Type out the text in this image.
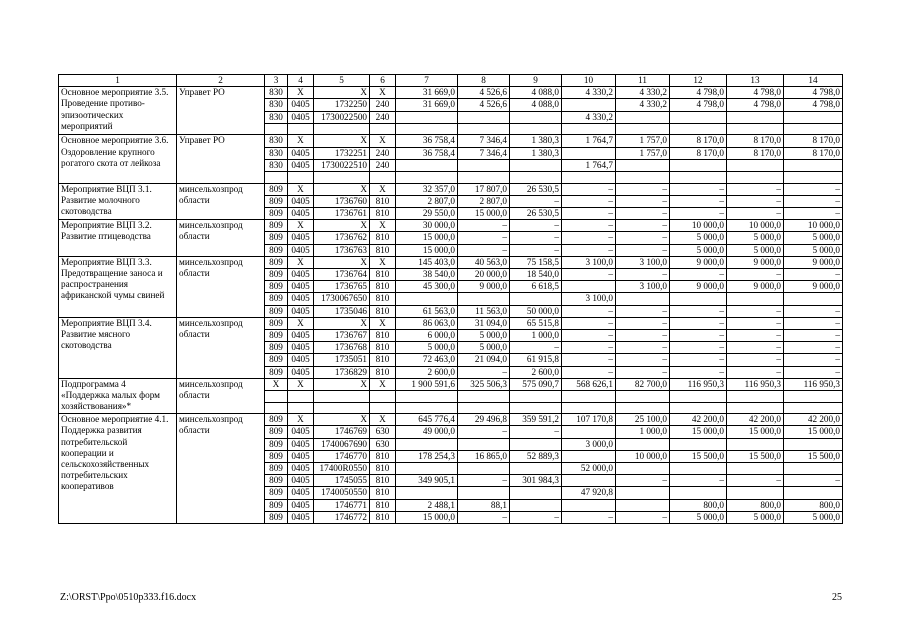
1	2	3	4	5	6	7	8	9	10	11	12	13	14
Основное мероприятие 3.5. Проведение противо-эпизоотических мероприятий	Управет РО	830	X	X	X	31 669,0	4 526,6	4 088,0	4 330,2	4 330,2	4 798,0	4 798,0	4 798,0
		830	0405	1732250	240	31 669,0	4 526,6	4 088,0		4 330,2	4 798,0	4 798,0	4 798,0
		830	0405	1730022500	240				4 330,2				

Основное мероприятие 3.6. Оздоровление крупного рогатого скота от лейкоза	Управет РО	830	X	X	X	36 758,4	7 346,4	1 380,3	1 764,7	1 757,0	8 170,0	8 170,0	8 170,0
		830	0405	1732251	240	36 758,4	7 346,4	1 380,3		1 757,0	8 170,0	8 170,0	8 170,0
		830	0405	1730022510	240				1 764,7				

Мероприятие ВЦП 3.1. Развитие молочного скотоводства	минсельхозпрод области	809	X	X	X	32 357,0	17 807,0	26 530,5	–	–	–	–	–
		809	0405	1736760	810	2 807,0	2 807,0	–	–	–	–	–	–
		809	0405	1736761	810	29 550,0	15 000,0	26 530,5	–	–	–	–	–
Мероприятие ВЦП 3.2. Развитие птицеводства	минсельхозпрод области	809	X	X	X	30 000,0	–	–	–	–	10 000,0	10 000,0	10 000,0
		809	0405	1736762	810	15 000,0	–	–	–	–	5 000,0	5 000,0	5 000,0
		809	0405	1736763	810	15 000,0	–	–	–	–	5 000,0	5 000,0	5 000,0
Мероприятие ВЦП 3.3. Предотвращение заноса и распространения африканской чумы свиней	минсельхозпрод области	809	X	X	X	145 403,0	40 563,0	75 158,5	3 100,0	3 100,0	9 000,0	9 000,0	9 000,0
		809	0405	1736764	810	38 540,0	20 000,0	18 540,0	–	–	–	–	–
		809	0405	1736765	810	45 300,0	9 000,0	6 618,5		3 100,0	9 000,0	9 000,0	9 000,0
		809	0405	1730067650	810				3 100,0				
		809	0405	1735046	810	61 563,0	11 563,0	50 000,0	–	–	–	–	–
Мероприятие ВЦП 3.4. Развитие мясного скотоводства	минсельхозпрод области	809	X	X	X	86 063,0	31 094,0	65 515,8	–	–	–	–	–
		809	0405	1736767	810	6 000,0	5 000,0	1 000,0	–	–	–	–	–
		809	0405	1736768	810	5 000,0	5 000,0	–	–	–	–	–	–
		809	0405	1735051	810	72 463,0	21 094,0	61 915,8	–	–	–	–	–
		809	0405	1736829	810	2 600,0	–	2 600,0	–	–	–	–	–
Подпрограмма 4 «Поддержка малых форм хозяйствования»*	минсельхозпрод области	X	X	X	X	1 900 591,6	325 506,3	575 090,7	568 626,1	82 700,0	116 950,3	116 950,3	116 950,3

Основное мероприятие 4.1. Поддержка развития потребительской кооперации и сельскохозяйственных потребительских кооперативов	минсельхозпрод области	809	X	X	X	645 776,4	29 496,8	359 591,2	107 170,8	25 100,0	42 200,0	42 200,0	42 200,0
		809	0405	1746769	630	49 000,0	–	–		1 000,0	15 000,0	15 000,0	15 000,0
		809	0405	1740067690	630				3 000,0				
		809	0405	1746770	810	178 254,3	16 865,0	52 889,3		10 000,0	15 500,0	15 500,0	15 500,0
		809	0405	17400R0550	810				52 000,0				
		809	0405	1745055	810	349 905,1	–	301 984,3		–	–	–	–
		809	0405	1740050550	810				47 920,8				
		809	0405	1746771	810	2 488,1	88,1				800,0	800,0	800,0
		809	0405	1746772	810	15 000,0	–	–	–	–	5 000,0	5 000,0	5 000,0
Z:\ORST\Ppo\0510p333.f16.docx	25
